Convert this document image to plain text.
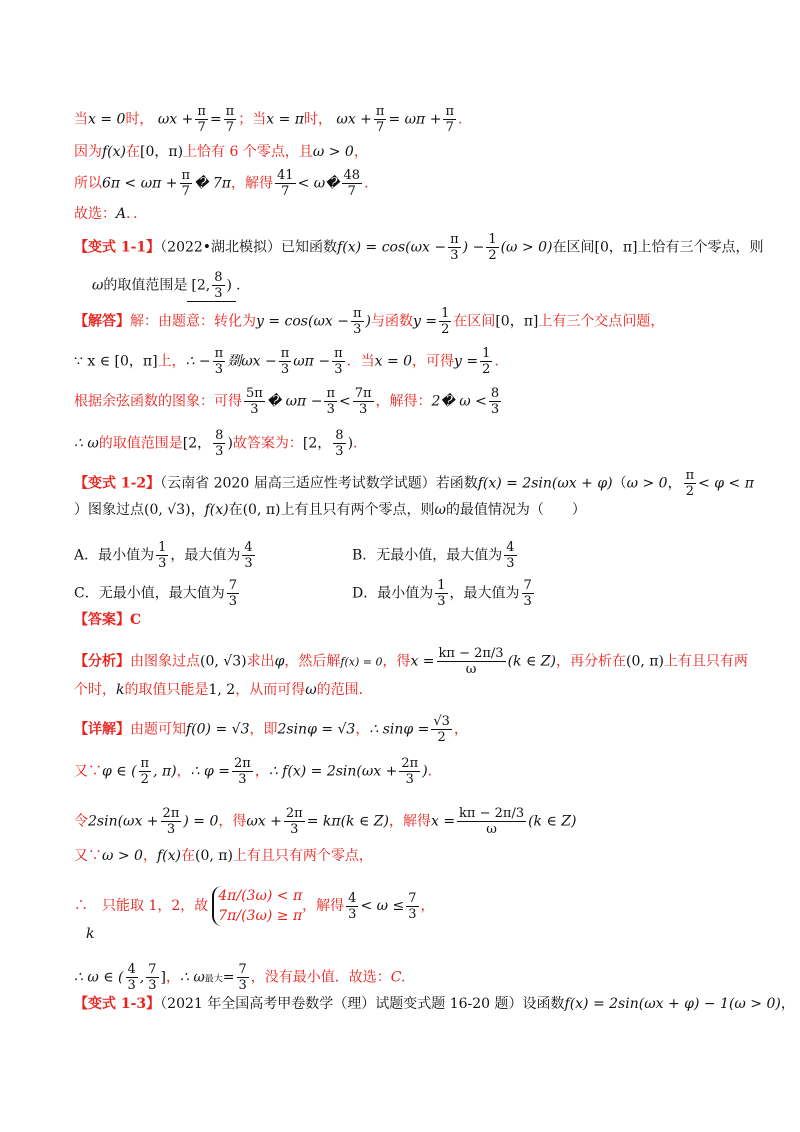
当x = 0时， $\omega x + \frac{\pi}{7} = \frac{\pi}{7}$ ；当x = π时， $\omega x + \frac{\pi}{7} = \omega\pi + \frac{\pi}{7}$ .
因为f(x)在[0，π)上恰有 6 个零点，且ω > 0，
所以$6\pi < \omega\pi + \frac{\pi}{7}$ � 7π，解得 $\frac{41}{7}$ < ω� $\frac{48}{7}$ .
故选：A．．
【变式 1-1】（2022•湖北模拟）已知函数$f(x) = \cos(\omega x - \frac{\pi}{3}$ ) − $\frac{1}{2} (\omega > 0)$在区间[0，π]上恰有三个零点，则
ω的取值范围是 [2, $\frac{8}{3}$ ) .
【解答】解：由题意：转化为$y = \cos(\omega x - \frac{\pi}{3}$ )与函数$y = \frac{1}{2}$ 在区间[0，π]上有三个交点问题，
∵ x ∈ [0，π]上，∴ − $\frac{\pi}{3}$ 剟$\omega x - \frac{\pi}{3}$ $\omega\pi - \frac{\pi}{3}$ ．当x = 0，可得$y = \frac{1}{2}$ .
根据余弦函数的图象：可得 $\frac{5\pi}{3}$ � $\omega\pi - \frac{\pi}{3} < \frac{7\pi}{3}$ ，解得：2� $\omega < \frac{8}{3}$
∴ ω的取值范围是[2， $\frac{8}{3}$ )故答案为：[2， $\frac{8}{3}$ ).
【变式 1-2】（云南省 2020 届高三适应性考试数学试题）若函数f(x) = 2sin(ωx + φ)（ω > 0， $\frac{\pi}{2} < \varphi < \pi$
）图象过点(0, √3)，f(x)在(0, π)上有且只有两个零点，则ω的最值情况为（　　）
A．最小值为 $\frac{1}{3}$ ，最大值为 $\frac{4}{3}$	B．无最小值，最大值为 $\frac{4}{3}$
C．无最小值，最大值为 $\frac{7}{3}$	D．最小值为 $\frac{1}{3}$ ，最大值为 $\frac{7}{3}$
【答案】C
【分析】由图象过点(0, √3)求出φ，然后解f(x) = 0，得$x = \frac{k\pi - 2\pi/3}{\omega} (k$ ∈ Z)，再分析在(0, π)上有且只有两
个时，k的取值只能是1, 2，从而可得ω的范围．
【详解】由题可知f(0) = √3，即2sinφ = √3，∴ $\sin\varphi = \frac{√3}{2}$ ，
又∵φ ∈ ( $\frac{\pi}{2}$ , π)，∴ $\varphi = \frac{2\pi}{3}$ ，∴ $f(x) = 2\sin(\omega x + \frac{2\pi}{3}$ ).
令$2\sin(\omega x + \frac{2\pi}{3}$ ) = 0，得$\omega x + \frac{2\pi}{3} = k\pi(k$ ∈ Z)，解得$x = \frac{k\pi - 2\pi/3}{\omega} (k$ ∈ Z)
又∵ω > 0，f(x)在(0, π)上有且只有两个零点，
∴　只能取 1，2，故
4π/(3ω) < π
7π/(3ω) ≥ π
，解得 $\frac{4}{3} < \omega \le \frac{7}{3}$ ，
k
∴ ω ∈ ( $\frac{4}{3}$ , $\frac{7}{3}$ ]，∴ ω最大= $\frac{7}{3}$ ，没有最小值．故选：C.
【变式 1-3】（2021 年全国高考甲卷数学（理）试题变式题 16-20 题）设函数f(x) = 2sin(ωx + φ) − 1(ω > 0)，
